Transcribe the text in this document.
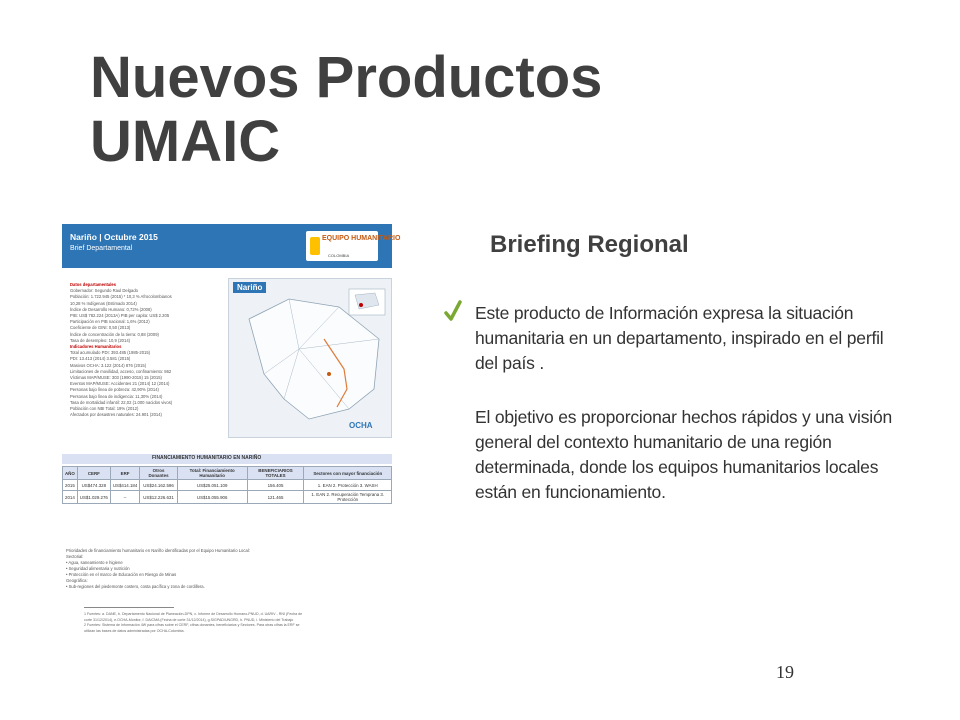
Nuevos Productos
UMAIC
Nariño | Octubre 2015
Brief Departamental
EQUIPO HUMANITARIO
COLOMBIA
Datos departamentales
Gobernador: Segundo Raul Delgado
Población: 1.722.945 (2015) * 10,3 % Afrocolombianos
10,28 % Indígenas (Estimado 2014)
Índice de Desarrollo Humano: 0,72% (2008)
PIB: US$ 782.224 (2013A) PIB per capita: US$ 2.205
Participación en PIB nacional: 1,6% (2012)
Coeficiente de GINI: 0,50 (2013)
Índice de concentración de la tierra: 0,88 (2009)
Tasa de desempleo: 10,9 (2014)
Indicadores Humanitarios
Total acumulado PDI: 393.485 (1985-2015)
PDI: 13.413 (2014) 3.581 (2015)
Masivos OCHA: 3.122 (2014) 876 (2015)
Limitaciones de movilidad, acceso, confinamiento: 862
Víctimas MAP/MUSE: 303 (1990-2015) 15 (2015)
Eventos MAP/MUSE: Accidentes 21 (2014) 12 (2014)
Personas bajo línea de pobreza: 42,90% (2014)
Personas bajo línea de indigencia: 11,30% (2014)
Tasa de mortalidad infantil: 22,02 (1.000 nacidos vivos)
Población con NBI Total: 19% (2012)
Afectados por desastres naturales: 24.901 (2014)
Nariño
OCHA
FINANCIAMIENTO HUMANITARIO EN NARIÑO
AÑO	CERF	ERF	Otros Donantes	Total: Financiamiento Humanitario	BENEFICIARIOS TOTALES	Sectores con mayor financiación
2015	US$474.328	US$414.184	US$24.162.596	US$25.051.109	156.405	1. EAN 2. Protección 3. WASH
2014	US$1.029.276	--	US$12.226.631	US$15.055.906	121.465	1. EAN 2. Recuperación Temprana 3. Protección
Prioridades de financiamiento humanitario en Nariño identificadas por el Equipo Humanitario Local:
Sectorial:
• Agua, saneamiento e higiene
• Seguridad alimentaria y nutrición
• Protección en el marco de Educación en Riesgo de Minas
Geográfica:
• Sub-regiones del piedemonte costero, costa pacífica y zona de cordillera.
1 Fuentes: a. DANE, b. Departamento Nacional de Planeación-DPN, c. Informe de Desarrollo Humano-PNUD, d. UARIV - RNI (Fecha de
corte 31/12/2014), e.OCHA-Monitor, f. DAICMA (Fecha de corte 31/12/2014), g.SIGPAD/UNGRD, h. PNUD, i. Ministerio del Trabajo
2 Fuentes: Sistema de Información 4W para cifras sobre el CERF, cifras donantes, beneficiarios y Sectores. Para otras cifras la ERF se
utilizan las bases de datos administradas por OCHA-Colombia.
Briefing Regional
Este producto de Información expresa la situación humanitaria en un departamento, inspirado en el perfil del país .
El objetivo es proporcionar hechos rápidos y una visión general del contexto humanitario de una región determinada, donde los equipos humanitarios locales están en funcionamiento.
19
